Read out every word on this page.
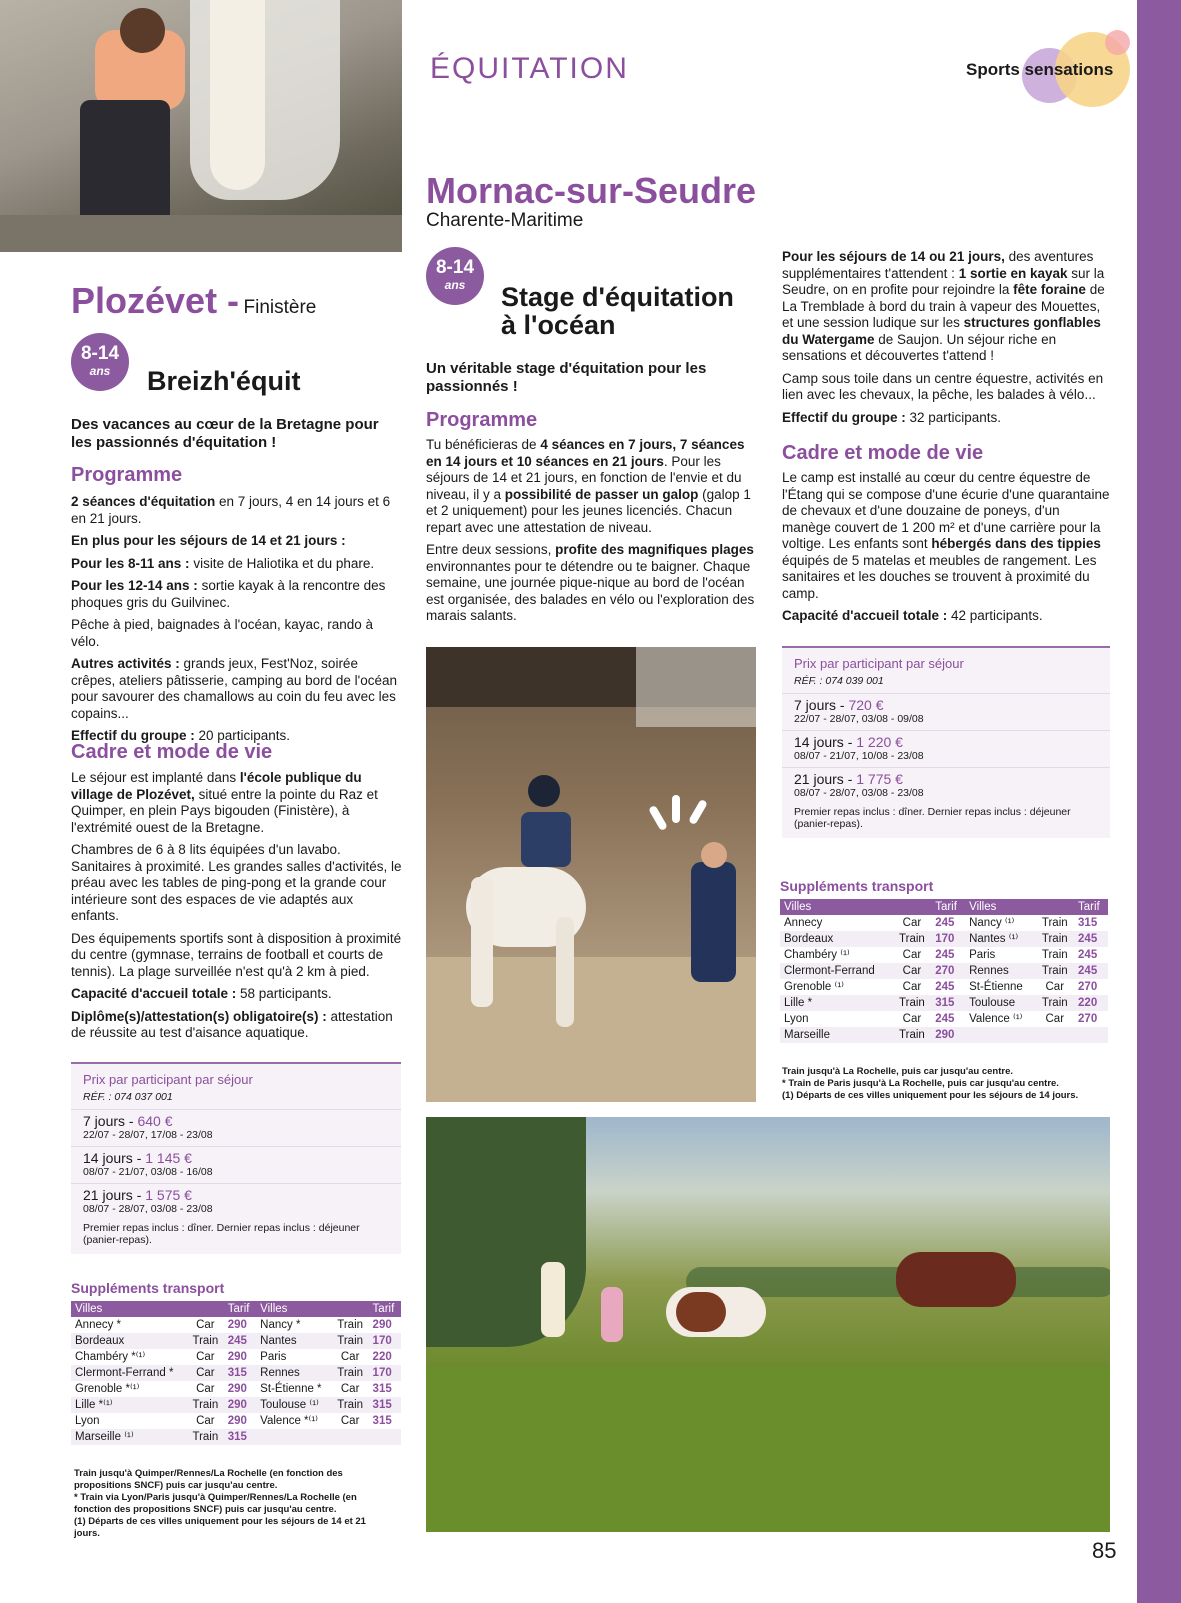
ÉQUITATION	Sports sensations
Plozévet - Finistère
8-14
ans	Breizh'équit
Des vacances au cœur de la Bretagne pour les passionnés d'équitation !
Programme

2 séances d'équitation en 7 jours, 4 en 14 jours et 6 en 21 jours.

En plus pour les séjours de 14 et 21 jours :

Pour les 8-11 ans : visite de Haliotika et du phare.

Pour les 12-14 ans : sortie kayak à la rencontre des phoques gris du Guilvinec.

Pêche à pied, baignades à l'océan, kayac, rando à vélo.

Autres activités : grands jeux, Fest'Noz, soirée crêpes, ateliers pâtisserie, camping au bord de l'océan pour savourer des chamallows au coin du feu avec les copains...

Effectif du groupe : 20 participants.

Cadre et mode de vie

Le séjour est implanté dans l'école publique du village de Plozévet, situé entre la pointe du Raz et Quimper, en plein Pays bigouden (Finistère), à l'extrémité ouest de la Bretagne.

Chambres de 6 à 8 lits équipées d'un lavabo. Sanitaires à proximité. Les grandes salles d'activités, le préau avec les tables de ping-pong et la grande cour intérieure sont des espaces de vie adaptés aux enfants.

Des équipements sportifs sont à disposition à proximité du centre (gymnase, terrains de football et courts de tennis). La plage surveillée n'est qu'à 2 km à pied.

Capacité d'accueil totale : 58 participants.

Diplôme(s)/attestation(s) obligatoire(s) : attestation de réussite au test d'aisance aquatique.

Prix par participant par séjour
RÉF. : 074 037 001
7 jours - 640 €
22/07 - 28/07, 17/08 - 23/08
14 jours - 1 145 €
08/07 - 21/07, 03/08 - 16/08
21 jours - 1 575 €
08/07 - 28/07, 03/08 - 23/08
Premier repas inclus : dîner. Dernier repas inclus : déjeuner (panier-repas).
Suppléments transport
Villes		Tarif	Villes		Tarif
Annecy *	Car	290	Nancy *	Train	290
Bordeaux	Train	245	Nantes	Train	170
Chambéry *⁽¹⁾	Car	290	Paris	Car	220
Clermont-Ferrand *	Car	315	Rennes	Train	170
Grenoble *⁽¹⁾	Car	290	St-Étienne *	Car	315
Lille *⁽¹⁾	Train	290	Toulouse ⁽¹⁾	Train	315
Lyon	Car	290	Valence *⁽¹⁾	Car	315
Marseille ⁽¹⁾	Train	315			
Train jusqu'à Quimper/Rennes/La Rochelle (en fonction des propositions SNCF) puis car jusqu'au centre.
* Train via Lyon/Paris jusqu'à Quimper/Rennes/La Rochelle (en fonction des propositions SNCF) puis car jusqu'au centre.
(1) Départs de ces villes uniquement pour les séjours de 14 et 21 jours.
Mornac-sur-Seudre
Charente-Maritime
8-14
ans	Stage d'équitation
à l'océan
Un véritable stage d'équitation pour les passionnés !
Programme

Tu bénéficieras de 4 séances en 7 jours, 7 séances en 14 jours et 10 séances en 21 jours. Pour les séjours de 14 et 21 jours, en fonction de l'envie et du niveau, il y a possibilité de passer un galop (galop 1 et 2 uniquement) pour les jeunes licenciés. Chacun repart avec une attestation de niveau.

Entre deux sessions, profite des magnifiques plages environnantes pour te détendre ou te baigner. Chaque semaine, une journée pique-nique au bord de l'océan est organisée, des balades en vélo ou l'exploration des marais salants.

Pour les séjours de 14 ou 21 jours, des aventures supplémentaires t'attendent : 1 sortie en kayak sur la Seudre, on en profite pour rejoindre la fête foraine de La Tremblade à bord du train à vapeur des Mouettes, et une session ludique sur les structures gonflables du Watergame de Saujon. Un séjour riche en sensations et découvertes t'attend !

Camp sous toile dans un centre équestre, activités en lien avec les chevaux, la pêche, les balades à vélo...

Effectif du groupe : 32 participants.

Cadre et mode de vie

Le camp est installé au cœur du centre équestre de l'Étang qui se compose d'une écurie d'une quarantaine de chevaux et d'une douzaine de poneys, d'un manège couvert de 1 200 m² et d'une carrière pour la voltige. Les enfants sont hébergés dans des tippies équipés de 5 matelas et meubles de rangement. Les sanitaires et les douches se trouvent à proximité du camp.

Capacité d'accueil totale : 42 participants.

Prix par participant par séjour
RÉF. : 074 039 001
7 jours - 720 €
22/07 - 28/07, 03/08 - 09/08
14 jours - 1 220 €
08/07 - 21/07, 10/08 - 23/08
21 jours - 1 775 €
08/07 - 28/07, 03/08 - 23/08
Premier repas inclus : dîner. Dernier repas inclus : déjeuner (panier-repas).
Suppléments transport
Villes		Tarif	Villes		Tarif
Annecy	Car	245	Nancy ⁽¹⁾	Train	315
Bordeaux	Train	170	Nantes ⁽¹⁾	Train	245
Chambéry ⁽¹⁾	Car	245	Paris	Train	245
Clermont-Ferrand	Car	270	Rennes	Train	245
Grenoble ⁽¹⁾	Car	245	St-Étienne	Car	270
Lille *	Train	315	Toulouse	Train	220
Lyon	Car	245	Valence ⁽¹⁾	Car	270
Marseille	Train	290			
Train jusqu'à La Rochelle, puis car jusqu'au centre.
* Train de Paris jusqu'à La Rochelle, puis car jusqu'au centre.
(1) Départs de ces villes uniquement pour les séjours de 14 jours.
85
